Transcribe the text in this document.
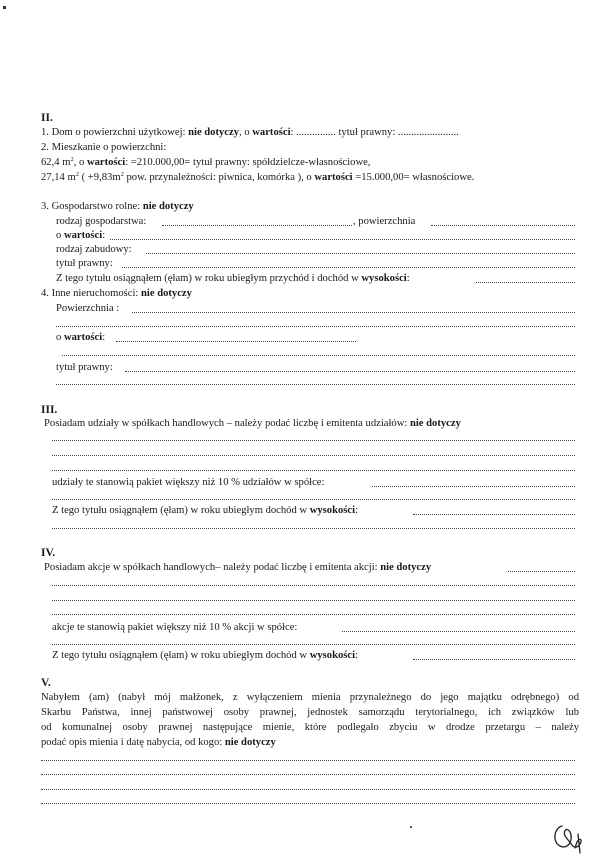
II.
1. Dom o powierzchni użytkowej: nie dotyczy, o wartości: ............... tytuł prawny: .......................
2. Mieszkanie o powierzchni:
62,4 $m^2$, o wartości: =210.000,00= tytuł prawny: spółdzielcze-własnościowe,
27,14 $m^2$ ( $+9,83m^2$ pow. przynależności: piwnica, komórka ), o wartości =15.000,00= własnościowe.
3. Gospodarstwo rolne: nie dotyczy
rodzaj gospodarstwa:	, powierzchnia
o wartości:
rodzaj zabudowy:
tytuł prawny:
Z tego tytułu osiągnąłem (ęłam) w roku ubiegłym przychód i dochód w wysokości:
4. Inne nieruchomości: nie dotyczy
Powierzchnia :
o wartości:
tytuł prawny:
III.
Posiadam udziały w spółkach handlowych – należy podać liczbę i emitenta udziałów: nie dotyczy
udziały te stanowią pakiet większy niż 10 % udziałów w spółce:
Z tego tytułu osiągnąłem (ęłam) w roku ubiegłym dochód w wysokości:
IV.
Posiadam akcje w spółkach handlowych– należy podać liczbę i emitenta akcji: nie dotyczy
akcje te stanowią pakiet większy niż 10 % akcji w spółce:
Z tego tytułu osiągnąłem (ęłam) w roku ubiegłym dochód w wysokości:
V.
Nabyłem (am) (nabył mój małżonek, z wyłączeniem mienia przynależnego do jego majątku odrębnego) od
Skarbu Państwa, innej państwowej osoby prawnej, jednostek samorządu terytorialnego, ich związków lub
od komunalnej osoby prawnej następujące mienie, które podlegało zbyciu w drodze przetargu – należy
podać opis mienia i datę nabycia, od kogo: nie dotyczy
